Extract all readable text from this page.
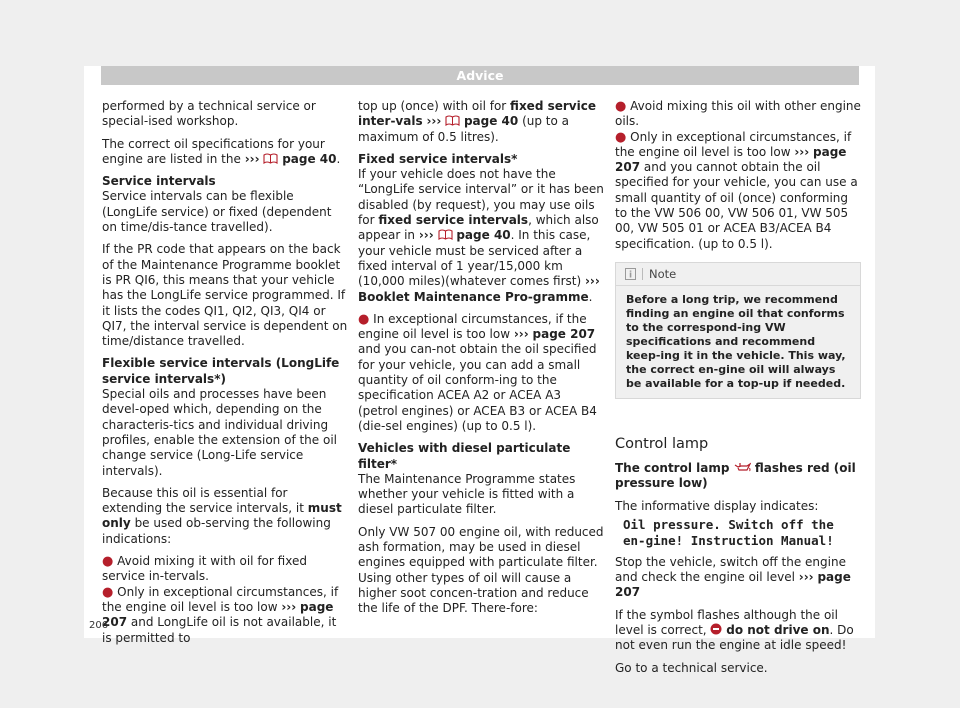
Advice

performed by a technical service or special-ised workshop.

The correct oil specifications for your engine are listed in the ››› page 40.

Service intervals

Service intervals can be flexible (LongLife service) or fixed (dependent on time/dis-tance travelled).

If the PR code that appears on the back of the Maintenance Programme booklet is PR QI6, this means that your vehicle has the LongLife service programmed. If it lists the codes QI1, QI2, QI3, QI4 or QI7, the interval service is dependent on time/distance travelled.

Flexible service intervals (LongLife service intervals*)

Special oils and processes have been devel-oped which, depending on the characteris-tics and individual driving profiles, enable the extension of the oil change service (Long-Life service intervals).

Because this oil is essential for extending the service intervals, it must only be used ob-serving the following indications:

● Avoid mixing it with oil for fixed service in-tervals.

● Only in exceptional circumstances, if the engine oil level is too low ››› page 207 and LongLife oil is not available, it is permitted to

top up (once) with oil for fixed service inter-vals ››› page 40 (up to a maximum of 0.5 litres).

Fixed service intervals*

If your vehicle does not have the “LongLife service interval” or it has been disabled (by request), you may use oils for fixed service intervals, which also appear in ››› page 40. In this case, your vehicle must be serviced after a fixed interval of 1 year/15,000 km (10,000 miles)(whatever comes first) ››› Booklet Maintenance Pro-gramme.

● In exceptional circumstances, if the engine oil level is too low ››› page 207 and you can-not obtain the oil specified for your vehicle, you can add a small quantity of oil conform-ing to the specification ACEA A2 or ACEA A3 (petrol engines) or ACEA B3 or ACEA B4 (die-sel engines) (up to 0.5 l).

Vehicles with diesel particulate filter*

The Maintenance Programme states whether your vehicle is fitted with a diesel particulate filter.

Only VW 507 00 engine oil, with reduced ash formation, may be used in diesel engines equipped with particulate filter. Using other types of oil will cause a higher soot concen-tration and reduce the life of the DPF. There-fore:

● Avoid mixing this oil with other engine oils.

● Only in exceptional circumstances, if the engine oil level is too low ››› page 207 and you cannot obtain the oil specified for your vehicle, you can use a small quantity of oil (once) conforming to the VW 506 00, VW 506 01, VW 505 00, VW 505 01 or ACEA B3/ACEA B4 specification. (up to 0.5 l).

i Note
Before a long trip, we recommend finding an engine oil that conforms to the correspond-ing VW specifications and recommend keep-ing it in the vehicle. This way, the correct en-gine oil will always be available for a top-up if needed.
Control lamp

The control lamp flashes red (oil pressure low)

The informative display indicates:

Oil pressure. Switch off the en-gine! Instruction Manual!

Stop the vehicle, switch off the engine and check the engine oil level ››› page 207

If the symbol flashes although the oil level is correct, do not drive on. Do not even run the engine at idle speed!

Go to a technical service.

206
